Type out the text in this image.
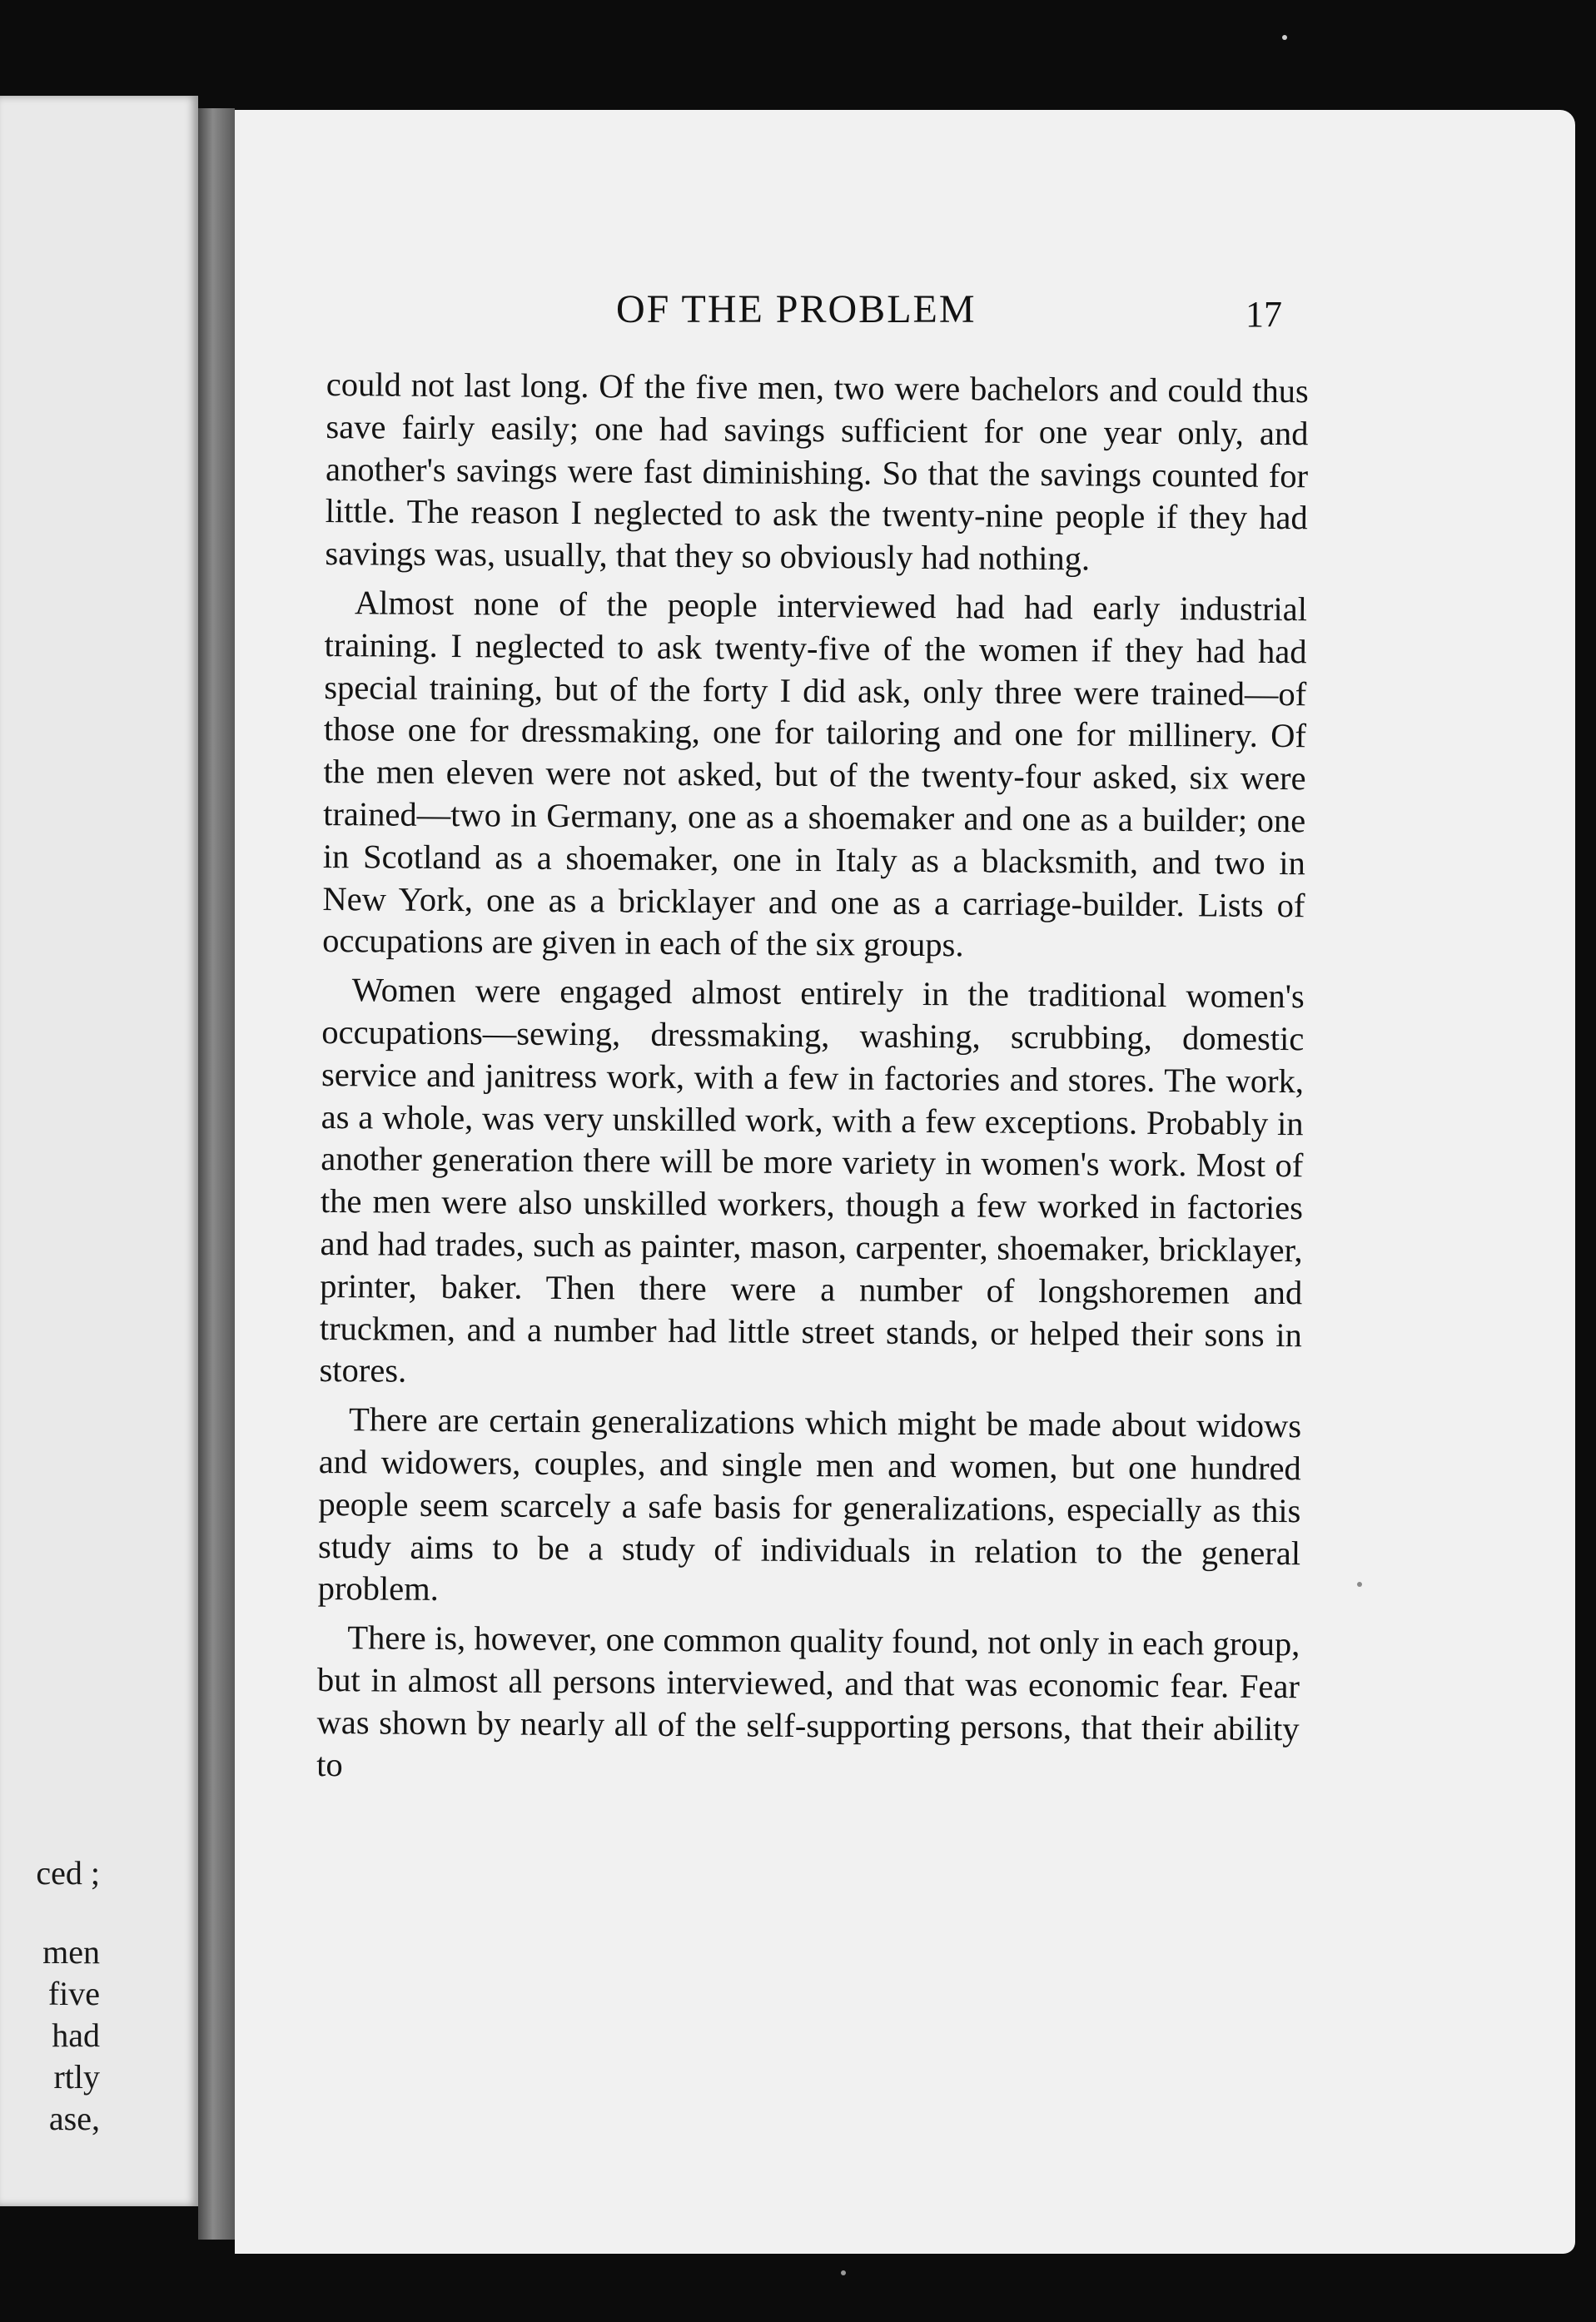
ced ;
men
five
had
rtly
ase,
OF THE PROBLEM	17

could not last long. Of the five men, two were bachelors and could thus save fairly easily; one had savings sufficient for one year only, and another's savings were fast diminishing. So that the savings counted for little. The reason I neglected to ask the twenty-nine people if they had savings was, usually, that they so obviously had nothing.

Almost none of the people interviewed had had early industrial training. I neglected to ask twenty-five of the women if they had had special training, but of the forty I did ask, only three were trained—of those one for dressmaking, one for tailoring and one for millinery. Of the men eleven were not asked, but of the twenty-four asked, six were trained—two in Germany, one as a shoemaker and one as a builder; one in Scotland as a shoemaker, one in Italy as a blacksmith, and two in New York, one as a bricklayer and one as a carriage-builder. Lists of occupations are given in each of the six groups.

Women were engaged almost entirely in the traditional women's occupations—sewing, dressmaking, washing, scrubbing, domestic service and janitress work, with a few in factories and stores. The work, as a whole, was very unskilled work, with a few exceptions. Probably in another generation there will be more variety in women's work. Most of the men were also unskilled workers, though a few worked in factories and had trades, such as painter, mason, carpenter, shoemaker, bricklayer, printer, baker. Then there were a number of longshoremen and truckmen, and a number had little street stands, or helped their sons in stores.

There are certain generalizations which might be made about widows and widowers, couples, and single men and women, but one hundred people seem scarcely a safe basis for generalizations, especially as this study aims to be a study of individuals in relation to the general problem.

There is, however, one common quality found, not only in each group, but in almost all persons interviewed, and that was economic fear. Fear was shown by nearly all of the self-supporting persons, that their ability to
